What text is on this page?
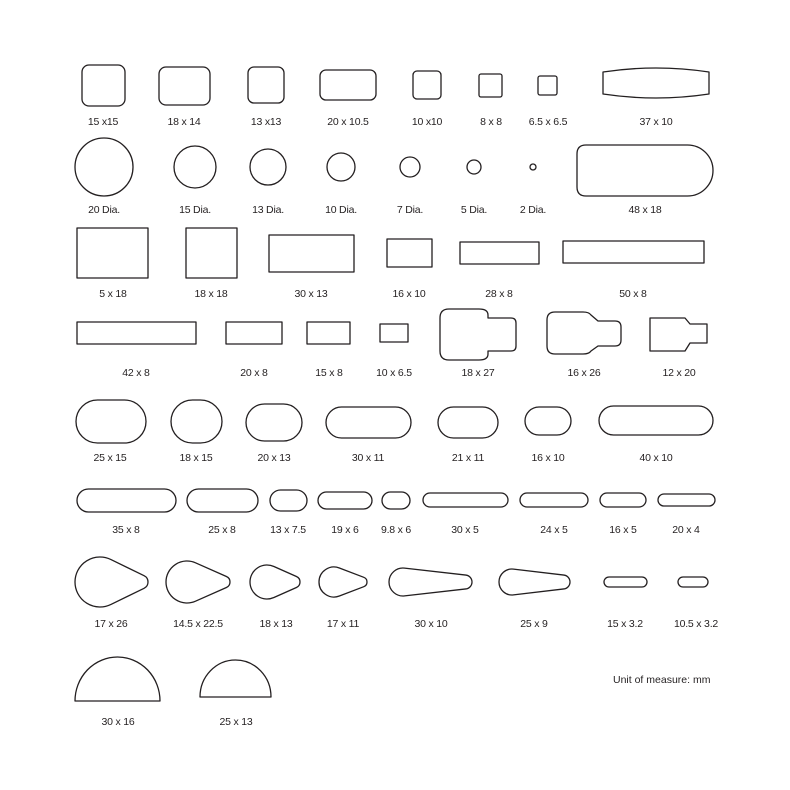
15 x15	18 x 14	13 x13	20 x 10.5	10 x10	8 x 8	6.5 x 6.5	37 x 10
20 Dia.	15 Dia.	13 Dia.	10 Dia.	7 Dia.	5 Dia.	2 Dia.	48 x 18
5 x 18	18 x 18	30 x 13	16 x 10	28 x 8	50 x 8
42 x 8	20 x 8	15 x 8	10 x 6.5	18 x 27	16 x 26	12 x 20
25 x 15	18 x 15	20 x 13	30 x 11	21 x 11	16 x 10	40 x 10
35 x 8	25 x 8	13 x 7.5 19 x 6 9.8 x 6	30 x 5	24 x 5	16 x 5	20 x 4
17 x 26	14.5 x 22.5	18 x 13	17 x 11	30 x 10	25 x 9	15 x 3.2	10.5 x 3.2
30 x 16	25 x 13
Unit of measure: mm
